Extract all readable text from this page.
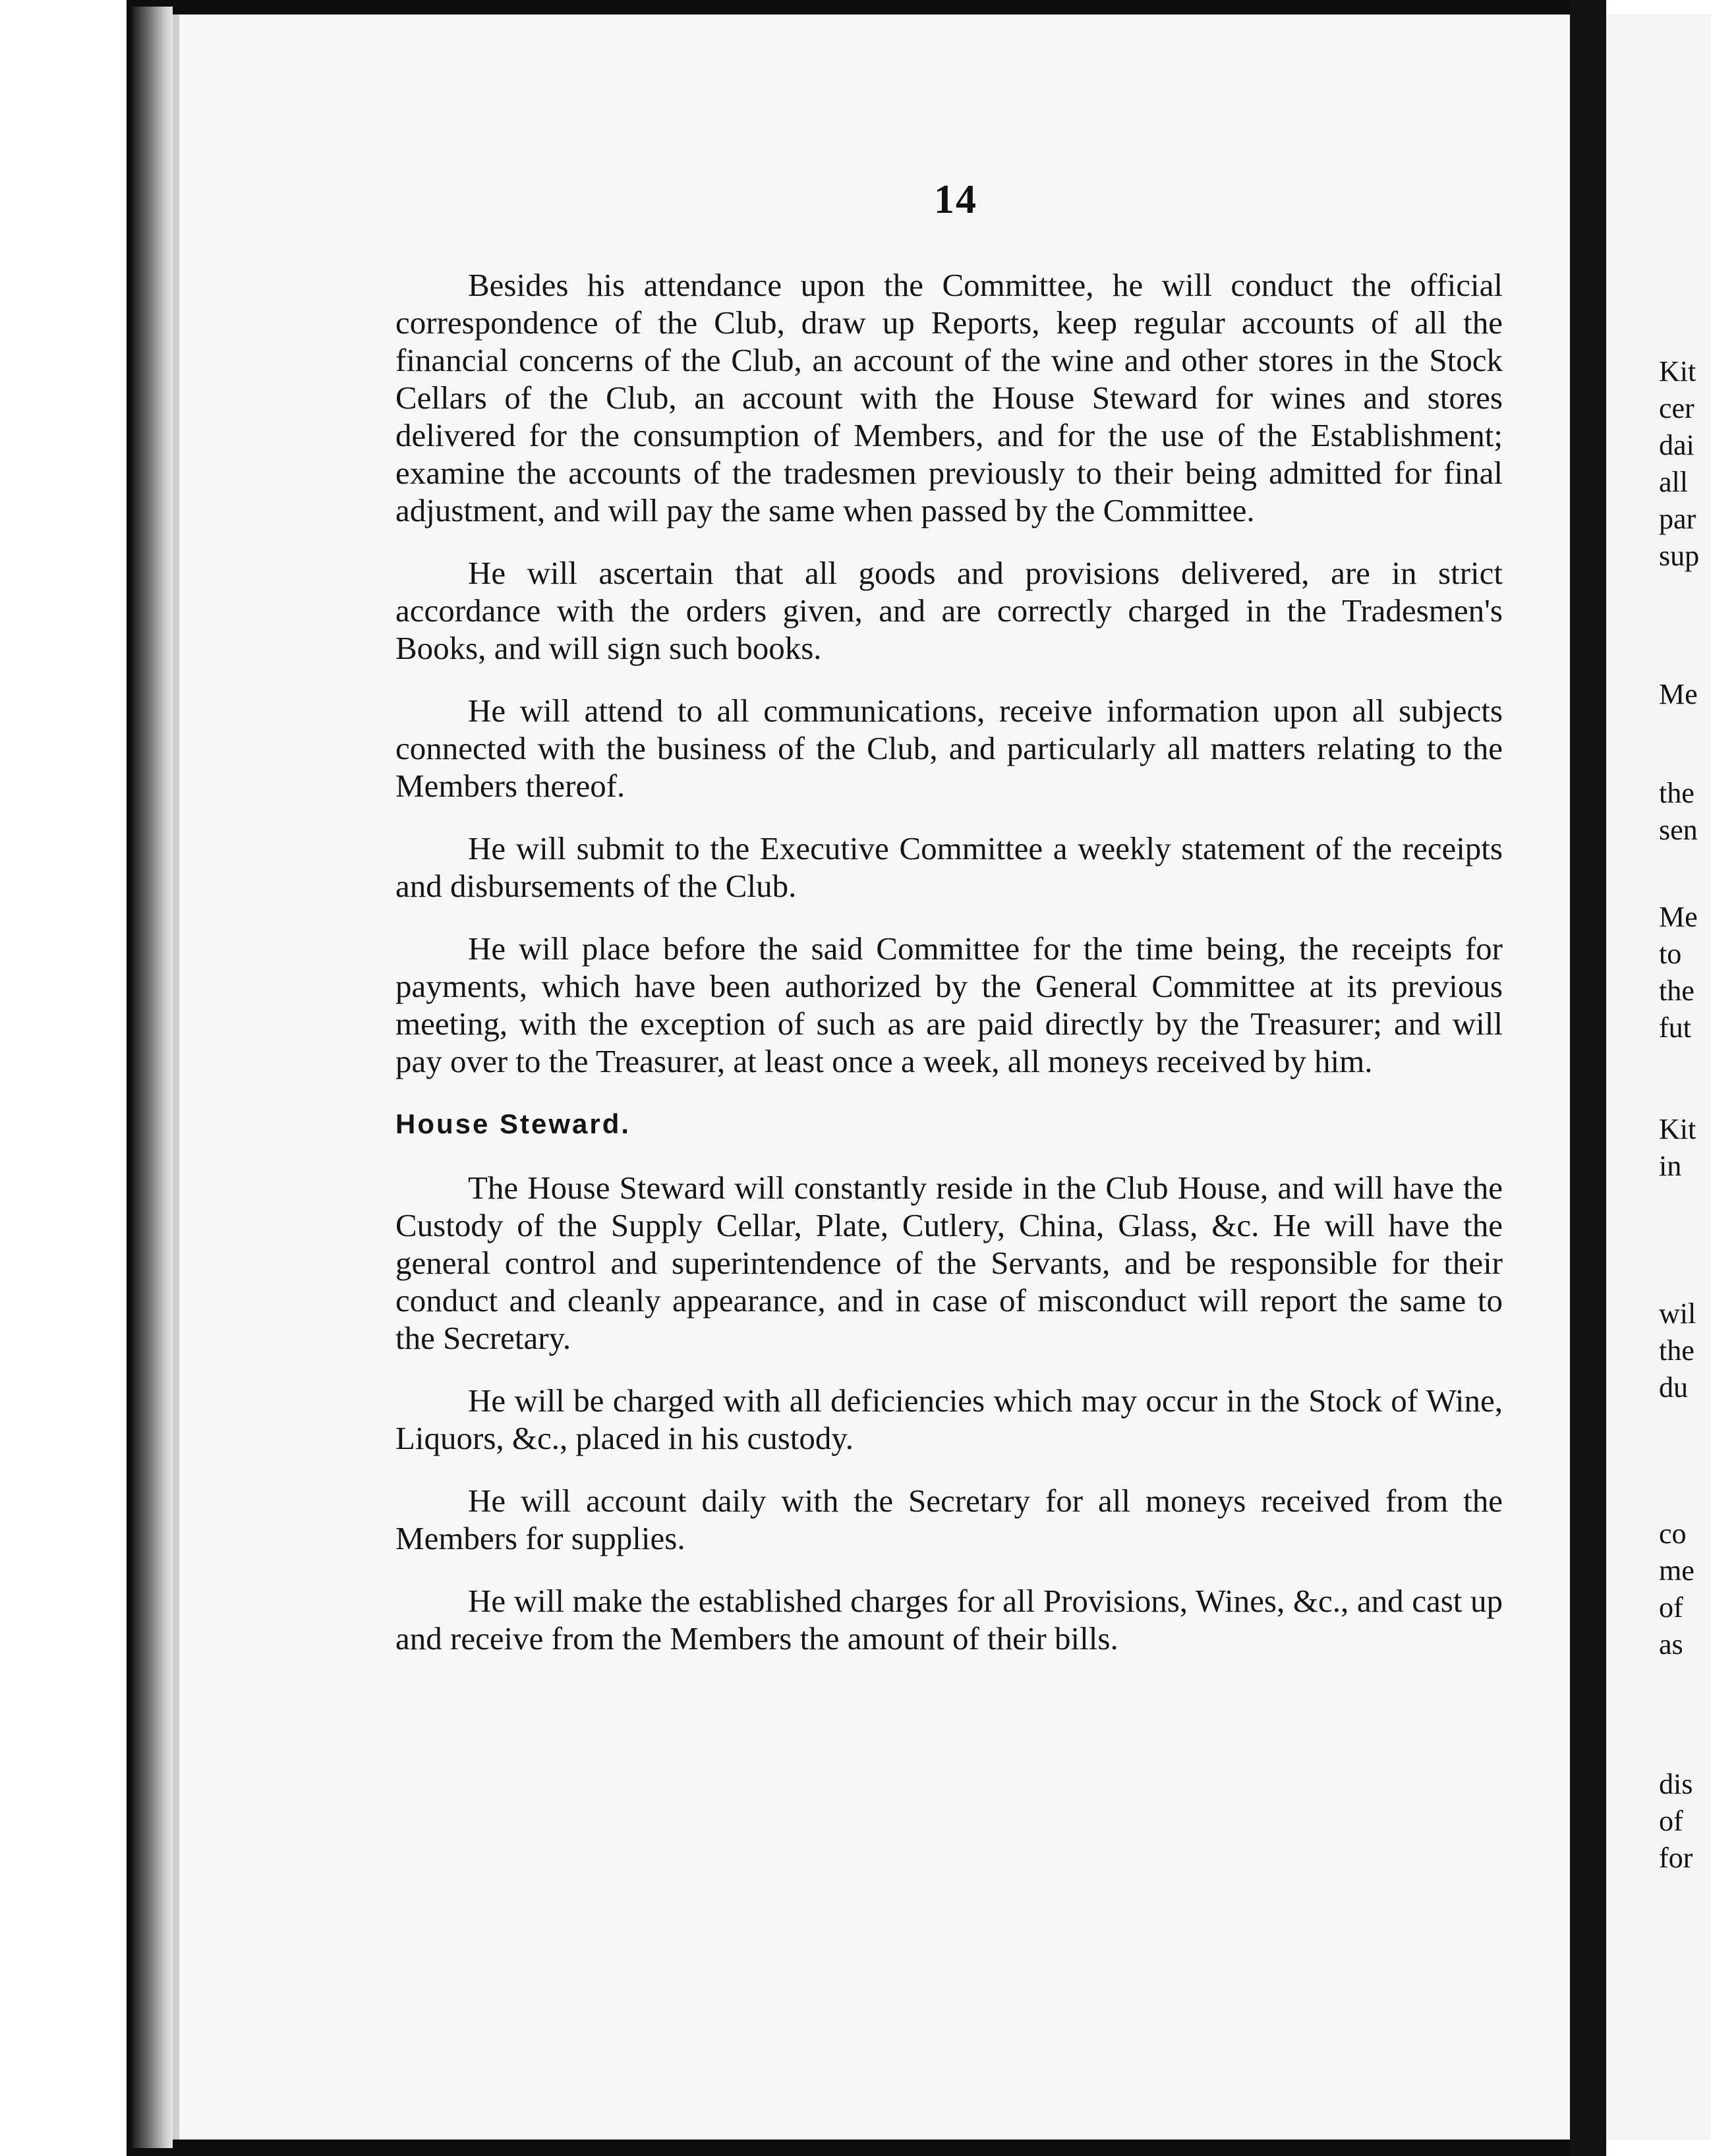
14

Besides his attendance upon the Committee, he will conduct the official correspondence of the Club, draw up Reports, keep regular accounts of all the financial concerns of the Club, an account of the wine and other stores in the Stock Cellars of the Club, an account with the House Steward for wines and stores delivered for the consumption of Members, and for the use of the Establishment; examine the accounts of the tradesmen previously to their being admitted for final adjustment, and will pay the same when passed by the Committee.

He will ascertain that all goods and provisions delivered, are in strict accordance with the orders given, and are correctly charged in the Tradesmen's Books, and will sign such books.

He will attend to all communications, receive information upon all subjects connected with the business of the Club, and particularly all matters relating to the Members thereof.

He will submit to the Executive Committee a weekly statement of the receipts and disbursements of the Club.

He will place before the said Committee for the time being, the receipts for payments, which have been authorized by the General Committee at its previous meeting, with the exception of such as are paid directly by the Treasurer; and will pay over to the Treasurer, at least once a week, all moneys received by him.

House Steward.

The House Steward will constantly reside in the Club House, and will have the Custody of the Supply Cellar, Plate, Cutlery, China, Glass, &c. He will have the general control and superintendence of the Servants, and be responsible for their conduct and cleanly appearance, and in case of misconduct will report the same to the Secretary.

He will be charged with all deficiencies which may occur in the Stock of Wine, Liquors, &c., placed in his custody.

He will account daily with the Secretary for all moneys received from the Members for supplies.

He will make the established charges for all Provisions, Wines, &c., and cast up and receive from the Members the amount of their bills.

Kit
cer
dai
all
par
sup
Me
the
sen
Me
to
the
fut
Kit
in
wil
the
du
co
me
of
as
dis
of
for
